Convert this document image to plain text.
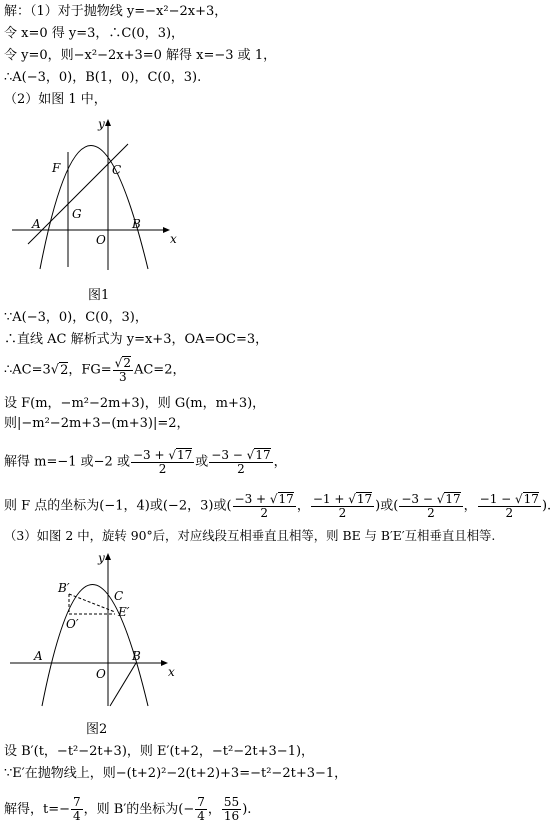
解：（1）对于抛物线 y=−x²−2x+3，
令 x=0 得 y=3，∴C(0，3)，
令 y=0，则−x²−2x+3=0 解得 x=−3 或 1，
∴A(−3，0)，B(1，0)，C(0，3).
（2）如图 1 中，
x
y
O
A	B
C
F
G
图1
∵A(−3，0)，C(0，3)，
∴直线 AC 解析式为 y=x+3，OA=OC=3，
∴AC=3√2，$FG= \frac{√2}{3} AC=2$，
设 F(m，−m²−2m+3)，则 G(m，m+3)，
则|−m²−2m+3−(m+3)|=2，
解得 m=−1 或−2 或 $\frac{-3 + √17}{2}$ 或 $\frac{-3 - √17}{2}$ ，
则 F 点的坐标为(−1，4)或(−2，3)或( $\frac{-3 + √17}{2}$ ， $\frac{-1 + √17}{2}$ )或( $\frac{-3 - √17}{2}$ ， $\frac{-1 - √17}{2}$ ).
（3）如图 2 中，旋转 90°后，对应线段互相垂直且相等，则 BE 与 B′E′互相垂直且相等.
x
y
O
A	B
C
B′
E′
O′
图2
设 B′(t，−t²−2t+3)，则 E′(t+2，−t²−2t+3−1)，
∵E′在抛物线上，则−(t+2)²−2(t+2)+3=−t²−2t+3−1，
解得，$t=- \frac{7}{4}$ ，则 B′的坐标为(− $\frac{7}{4}$ ， $\frac{55}{16}$ ).
